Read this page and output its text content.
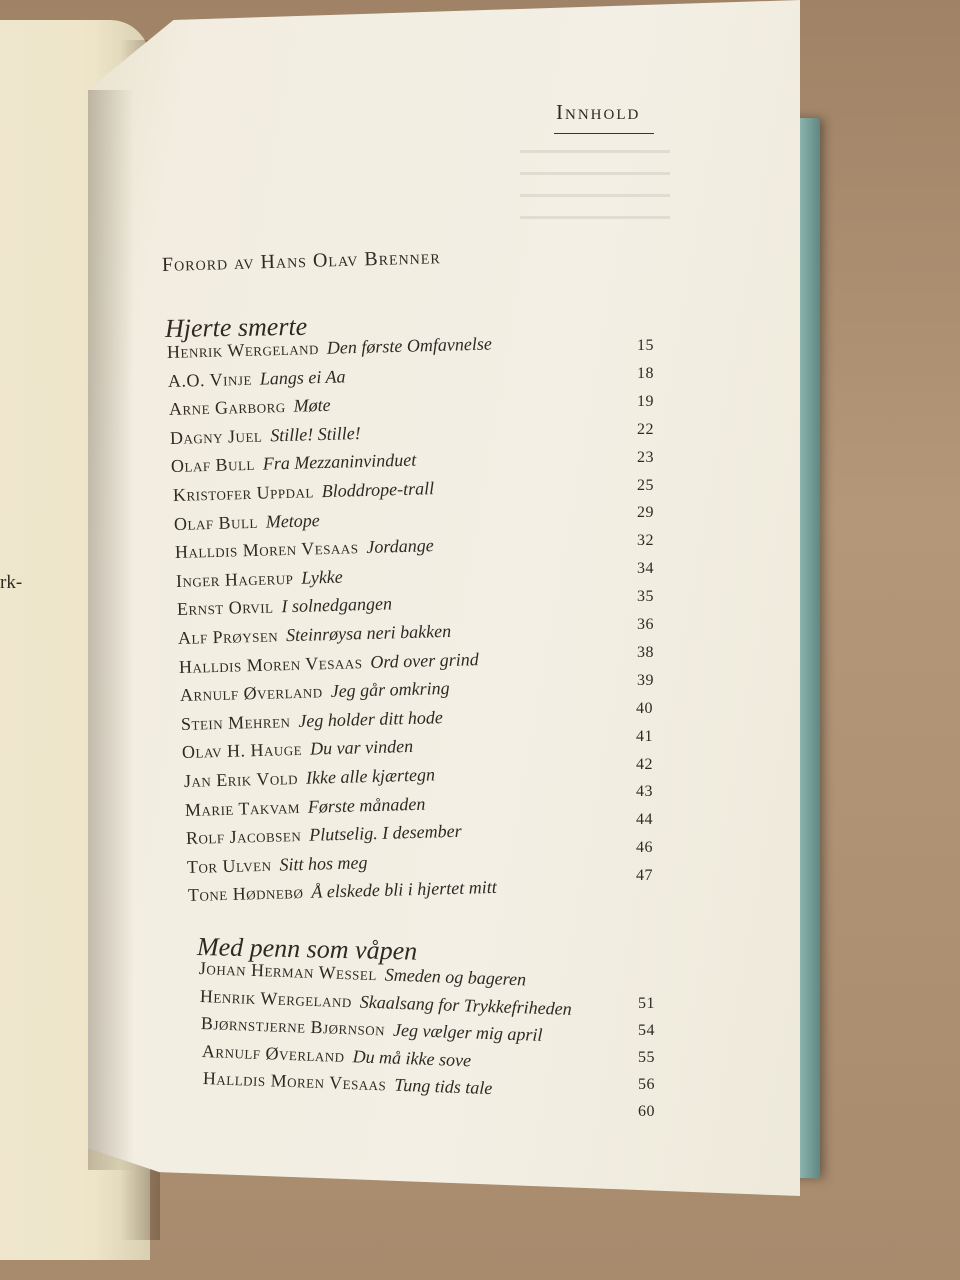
rk-
Innhold
Forord av Hans Olav Brenner
Hjerte smerte
Henrik Wergeland Den første Omfavnelse
A.O. Vinje Langs ei Aa
Arne Garborg Møte
Dagny Juel Stille! Stille!
Olaf Bull Fra Mezzaninvinduet
Kristofer Uppdal Bloddrope-trall
Olaf Bull Metope
Halldis Moren Vesaas Jordange
Inger Hagerup Lykke
Ernst Orvil I solnedgangen
Alf Prøysen Steinrøysa neri bakken
Halldis Moren Vesaas Ord over grind
Arnulf Øverland Jeg går omkring
Stein Mehren Jeg holder ditt hode
Olav H. Hauge Du var vinden
Jan Erik Vold Ikke alle kjærtegn
Marie Takvam Første månaden
Rolf Jacobsen Plutselig. I desember
Tor Ulven Sitt hos meg
Tone Hødnebø Å elskede bli i hjertet mitt
15
18
19
22
23
25
29
32
34
35
36
38
39
40
41
42
43
44
46
47
Med penn som våpen
Johan Herman Wessel Smeden og bageren
Henrik Wergeland Skaalsang for Trykkefriheden
Bjørnstjerne Bjørnson Jeg vælger mig april
Arnulf Øverland Du må ikke sove
Halldis Moren Vesaas Tung tids tale
51
54
55
56
60
